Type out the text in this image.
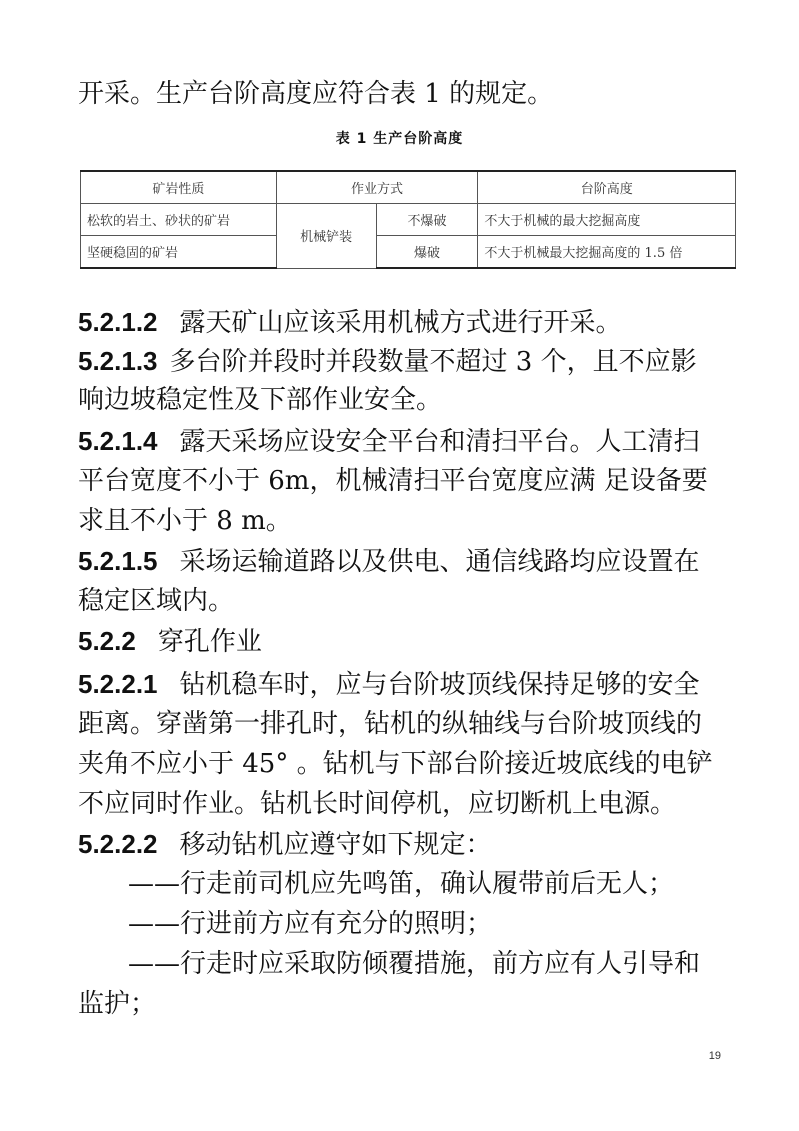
开采。生产台阶高度应符合表 1 的规定。
表 1 生产台阶高度
矿岩性质	作业方式		台阶高度
松软的岩土、砂状的矿岩	机械铲装	不爆破	不大于机械的最大挖掘高度
坚硬稳固的矿岩		爆破	不大于机械最大挖掘高度的 1.5 倍
5.2.1.2 露天矿山应该采用机械方式进行开采。
5.2.1.3 多台阶并段时并段数量不超过 3 个，且不应影
响边坡稳定性及下部作业安全。
5.2.1.4 露天采场应设安全平台和清扫平台。人工清扫
平台宽度不小于 6m，机械清扫平台宽度应满 足设备要
求且不小于 8 m。
5.2.1.5 采场运输道路以及供电、通信线路均应设置在
稳定区域内。
5.2.2 穿孔作业
5.2.2.1 钻机稳车时，应与台阶坡顶线保持足够的安全
距离。穿凿第一排孔时，钻机的纵轴线与台阶坡顶线的
夹角不应小于 45° 。钻机与下部台阶接近坡底线的电铲
不应同时作业。钻机长时间停机，应切断机上电源。
5.2.2.2 移动钻机应遵守如下规定：
——行走前司机应先鸣笛，确认履带前后无人；
——行进前方应有充分的照明；
——行走时应采取防倾覆措施，前方应有人引导和
监护；
19
